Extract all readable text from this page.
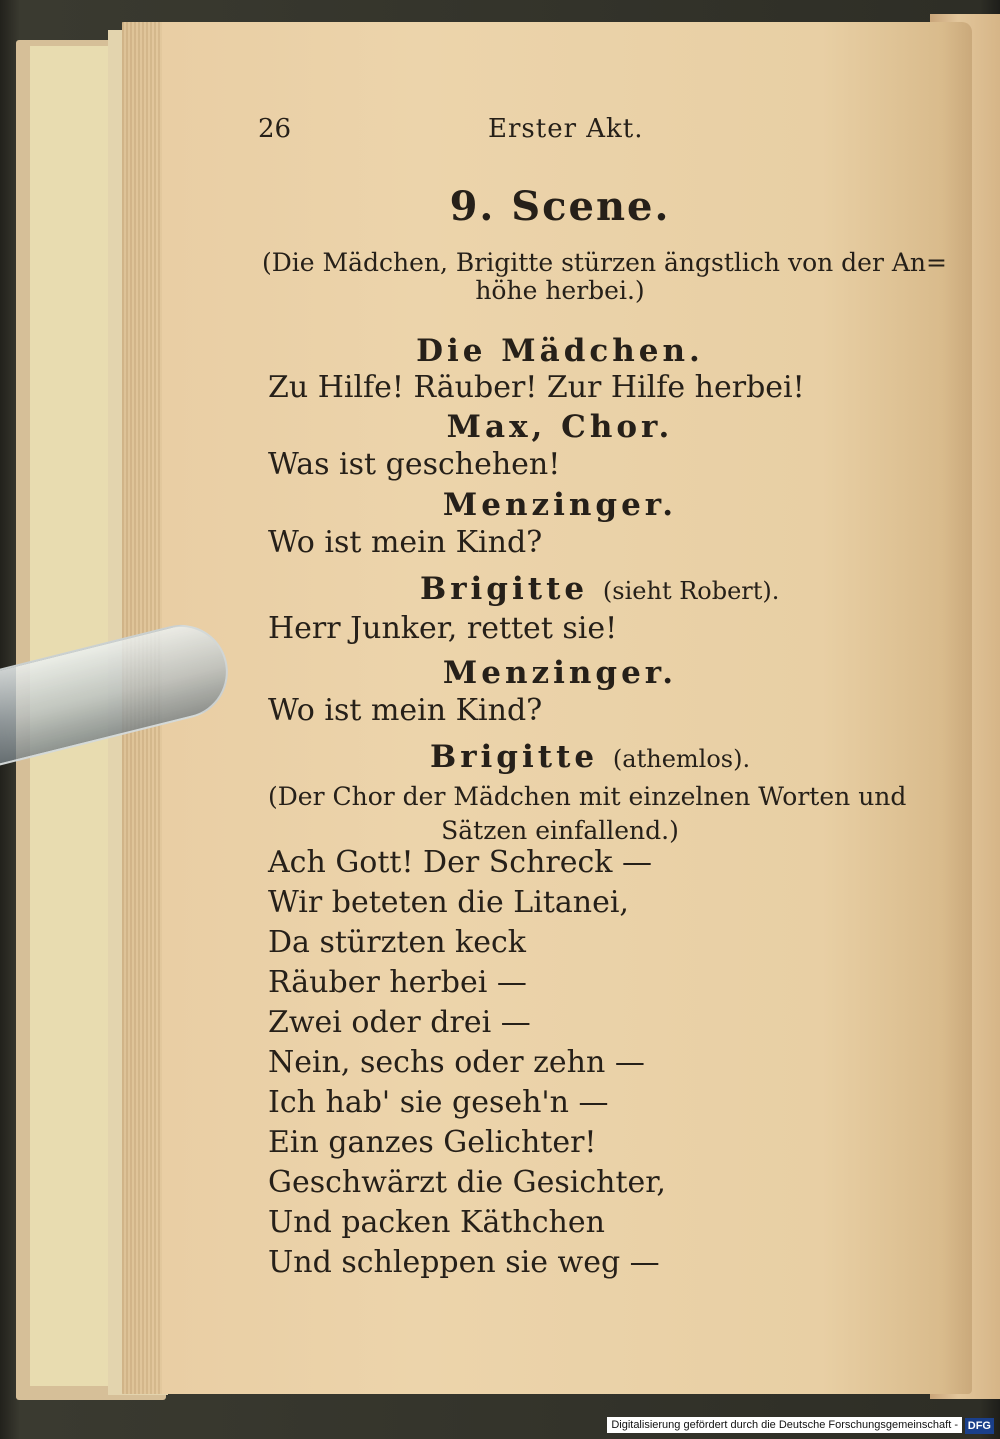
26	Erster Akt.
9. Scene.
(Die Mädchen, Brigitte stürzen ängstlich von der An=
höhe herbei.)
Die Mädchen.
Zu Hilfe! Räuber! Zur Hilfe herbei!
Max, Chor.
Was ist geschehen!
Menzinger.
Wo ist mein Kind?
Brigitte (sieht Robert).
Herr Junker, rettet sie!
Menzinger.
Wo ist mein Kind?
Brigitte (athemlos).
(Der Chor der Mädchen mit einzelnen Worten und
Sätzen einfallend.)
Ach Gott! Der Schreck —
Wir beteten die Litanei,
Da stürzten keck
Räuber herbei —
Zwei oder drei —
Nein, sechs oder zehn —
Ich hab' sie geseh'n —
Ein ganzes Gelichter!
Geschwärzt die Gesichter,
Und packen Käthchen
Und schleppen sie weg —
Digitalisierung gefördert durch die Deutsche Forschungsgemeinschaft - DFG
